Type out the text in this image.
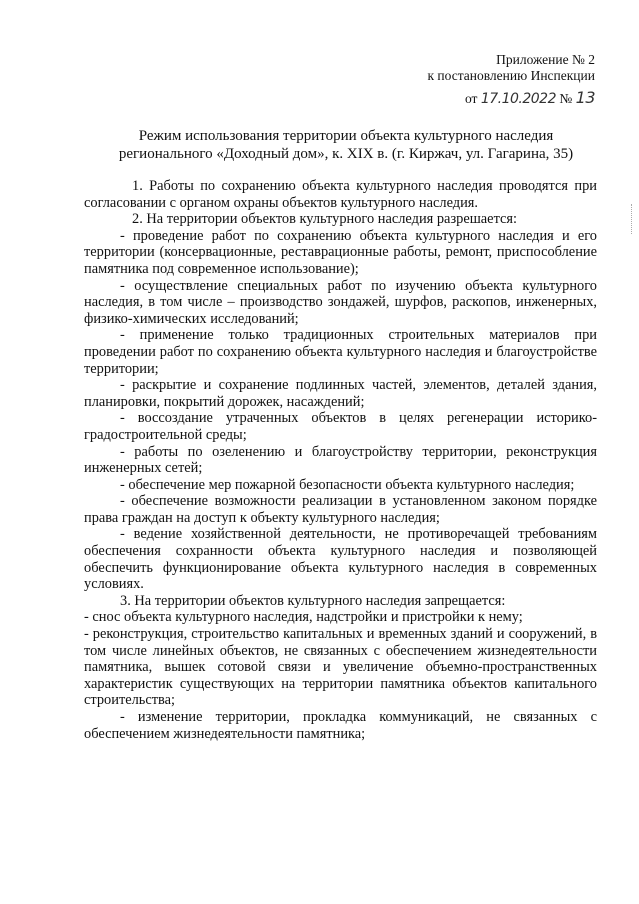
Приложение № 2
к постановлению Инспекции
от 17.10.2022 № 13
Режим использования территории объекта культурного наследия
регионального «Доходный дом», к. XIX в. (г. Киржач, ул. Гагарина, 35)

1. Работы по сохранению объекта культурного наследия проводятся при согласовании с органом охраны объектов культурного наследия.

2. На территории объектов культурного наследия разрешается:

- проведение работ по сохранению объекта культурного наследия и его территории (консервационные, реставрационные работы, ремонт, приспособление памятника под современное использование);

- осуществление специальных работ по изучению объекта культурного наследия, в том числе – производство зондажей, шурфов, раскопов, инженерных, физико-химических исследований;

- применение только традиционных строительных материалов при проведении работ по сохранению объекта культурного наследия и благоустройстве территории;

- раскрытие и сохранение подлинных частей, элементов, деталей здания, планировки, покрытий дорожек, насаждений;

- воссоздание утраченных объектов в целях регенерации историко-градостроительной среды;

- работы по озеленению и благоустройству территории, реконструкция инженерных сетей;

- обеспечение мер пожарной безопасности объекта культурного наследия;

- обеспечение возможности реализации в установленном законом порядке права граждан на доступ к объекту культурного наследия;

- ведение хозяйственной деятельности, не противоречащей требованиям обеспечения сохранности объекта культурного наследия и позволяющей обеспечить функционирование объекта культурного наследия в современных условиях.

3. На территории объектов культурного наследия запрещается:

- снос объекта культурного наследия, надстройки и пристройки к нему;

- реконструкция, строительство капитальных и временных зданий и сооружений, в том числе линейных объектов, не связанных с обеспечением жизнедеятельности памятника, вышек сотовой связи и увеличение объемно-пространственных характеристик существующих на территории памятника объектов капитального строительства;

- изменение территории, прокладка коммуникаций, не связанных с обеспечением жизнедеятельности памятника;
